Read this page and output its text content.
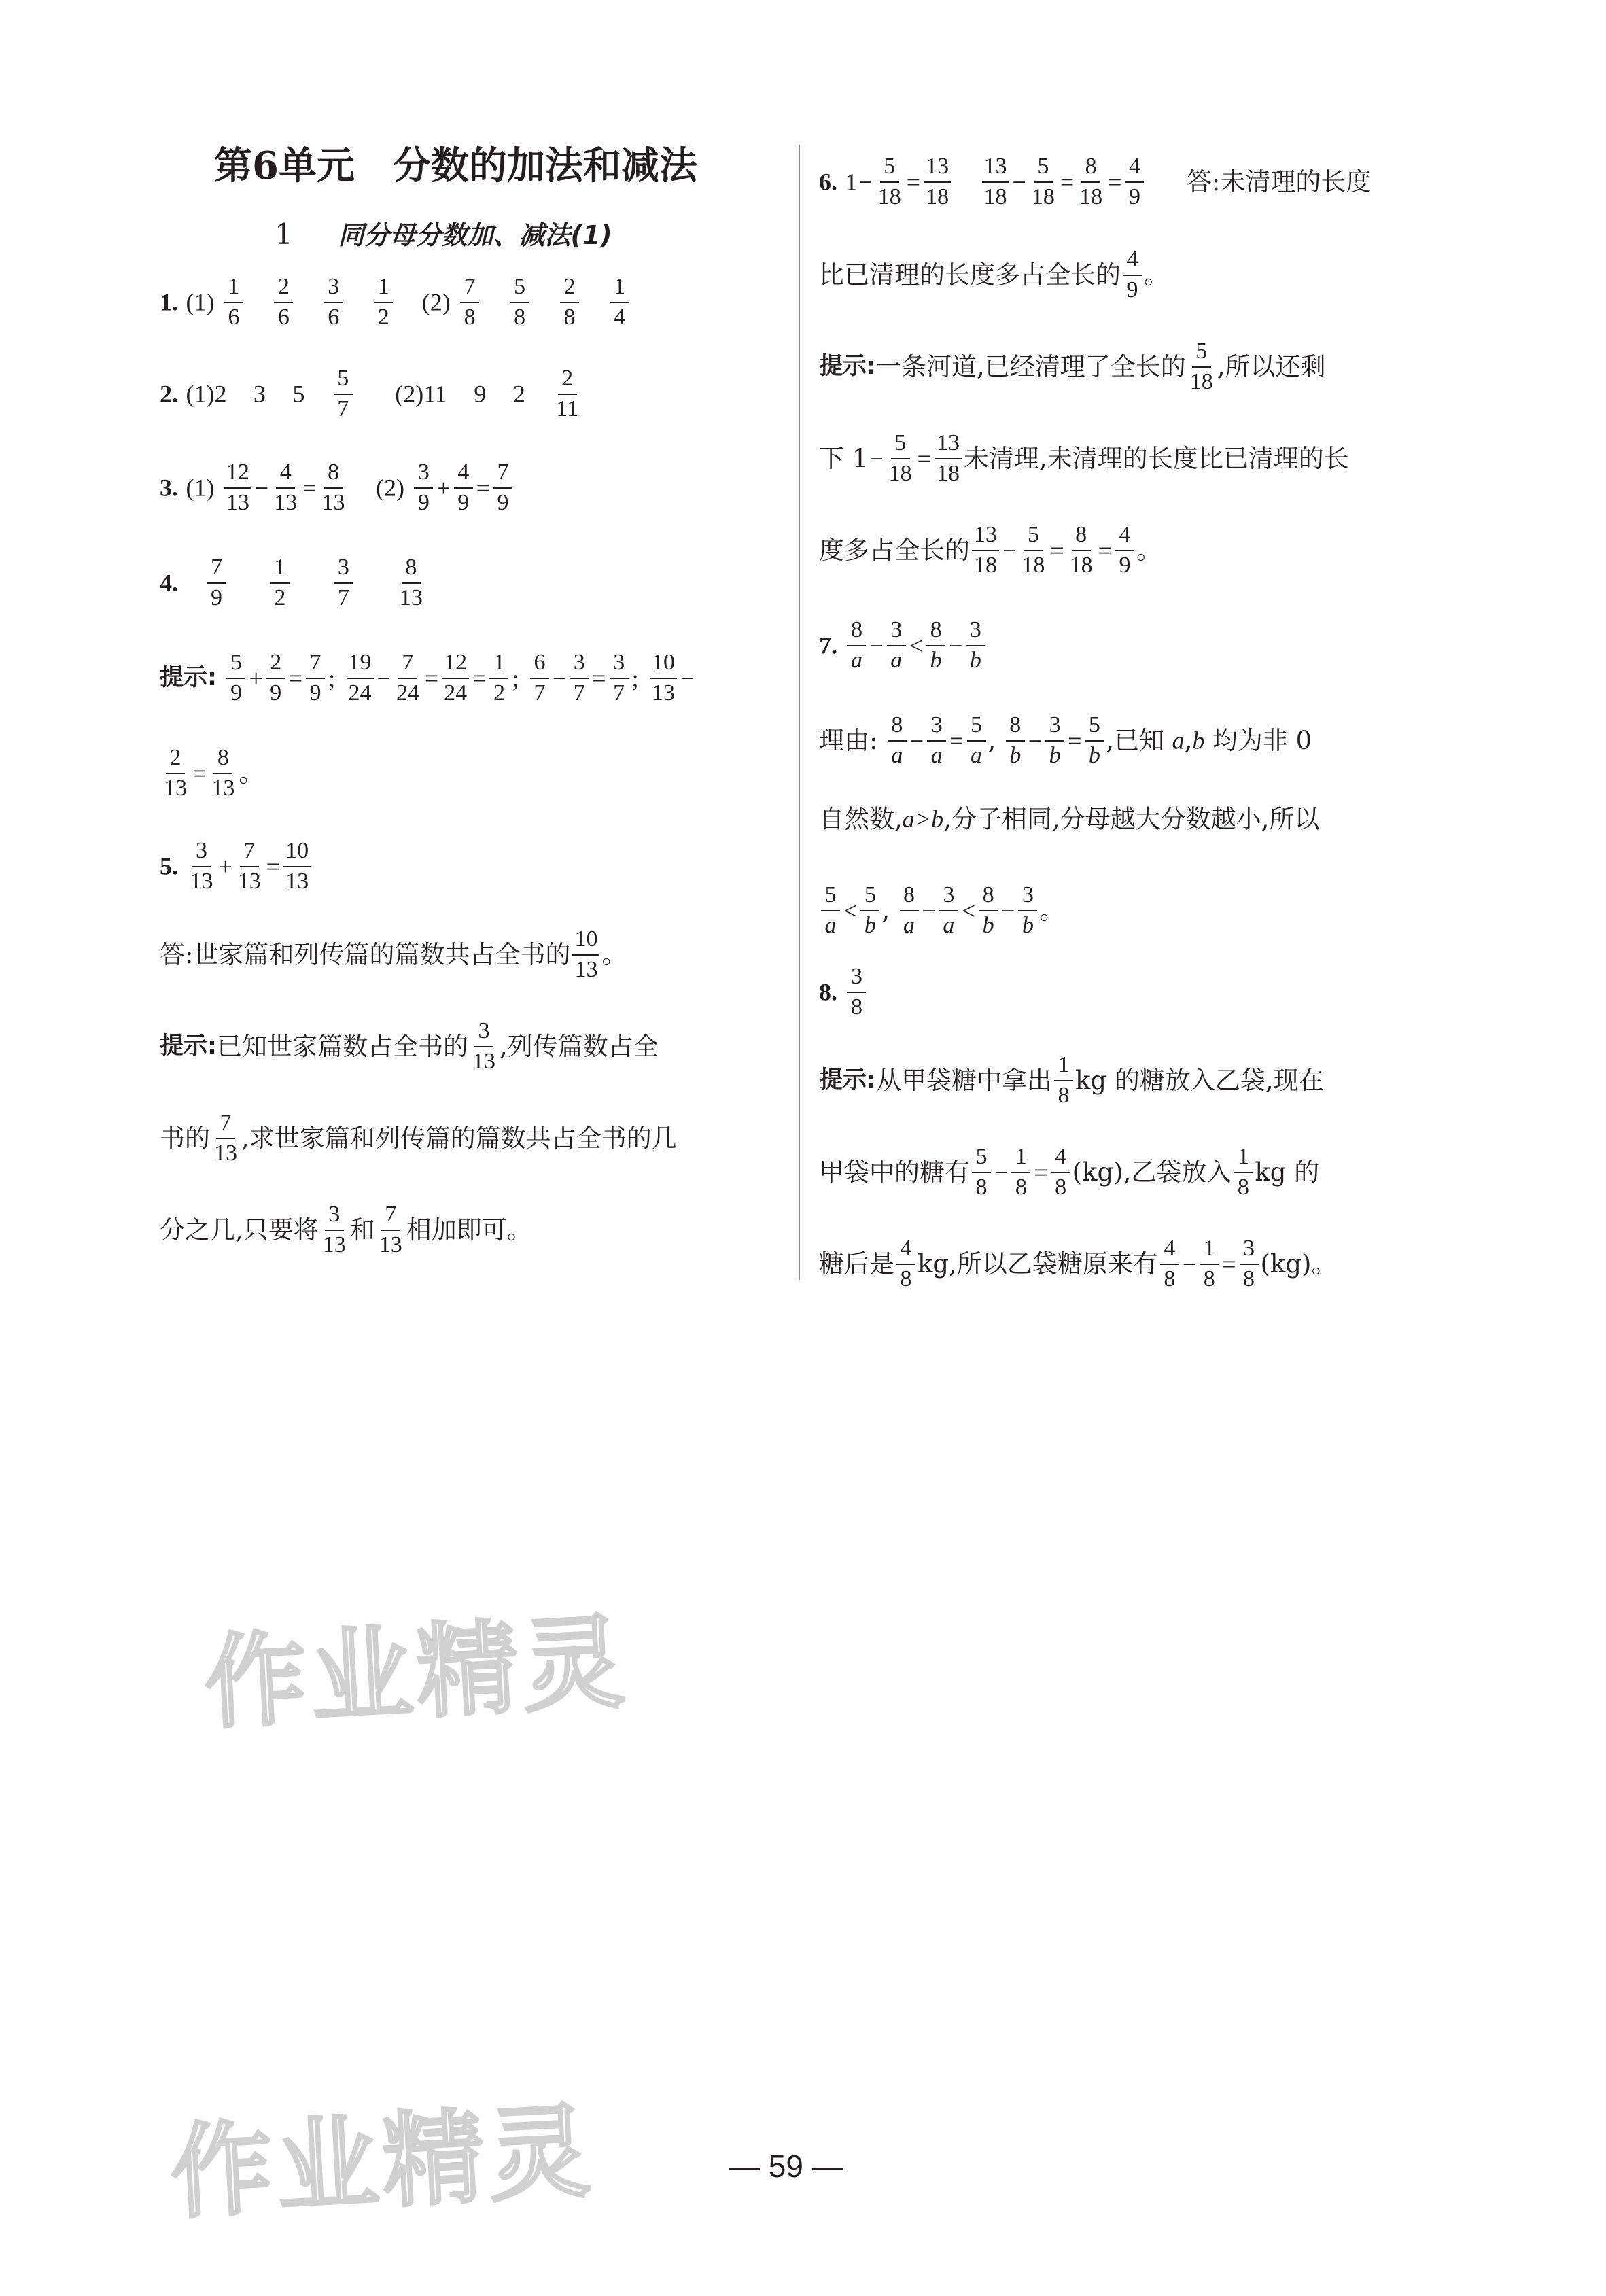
第6单元　分数的加法和减法
1 同分母分数加、减法(1)
1. $(1) \frac{1}{6}$
$\frac{2}{6}$
$\frac{3}{6}$
$\frac{1}{2} (2) \frac{7}{8}$
$\frac{5}{8}$
$\frac{2}{8}$
$\frac{1}{4}$
2. (1)2 3 $5 \frac{5}{7} (2)11$ 9 $2 \frac{2}{11}$
3. $(1) \frac{12}{13} - \frac{4}{13} = \frac{8}{13} (2) \frac{3}{9} + \frac{4}{9} = \frac{7}{9}$
4. $\frac{7}{9}$
$\frac{1}{2}$
$\frac{3}{7}$
$\frac{8}{13}$
提示: $\frac{5}{9} + \frac{2}{9} = \frac{7}{9}$ ; $\frac{19}{24} - \frac{7}{24} = \frac{12}{24} = \frac{1}{2}$ ; $\frac{6}{7} - \frac{3}{7} = \frac{3}{7}$ ; $\frac{10}{13}$ −
$\frac{2}{13} = \frac{8}{13}$ 。
5. $\frac{3}{13} + \frac{7}{13} = \frac{10}{13}$
答:世家篇和列传篇的篇数共占全书的 $\frac{10}{13}$ 。
提示:已知世家篇数占全书的 $\frac{3}{13}$ ,列传篇数占全
书的 $\frac{7}{13}$ ,求世家篇和列传篇的篇数共占全书的几
分之几,只要将 $\frac{3}{13}$ 和 $\frac{7}{13}$ 相加即可。
6. $1- \frac{5}{18} = \frac{13}{18}$
$\frac{13}{18} - \frac{5}{18} = \frac{8}{18} = \frac{4}{9}$ 答:未清理的长度
比已清理的长度多占全长的 $\frac{4}{9}$ 。
提示:一条河道,已经清理了全长的 $\frac{5}{18}$ ,所以还剩
下 $1- \frac{5}{18} = \frac{13}{18}$ 未清理,未清理的长度比已清理的长
度多占全长的 $\frac{13}{18} - \frac{5}{18} = \frac{8}{18} = \frac{4}{9}$ 。
7. $\frac{8}{a} - \frac{3}{a} < \frac{8}{b} - \frac{3}{b}$
理由: $\frac{8}{a} - \frac{3}{a} = \frac{5}{a}$ , $\frac{8}{b} - \frac{3}{b} = \frac{5}{b}$ ,已知 a,b 均为非 0
自然数,a>b,分子相同,分母越大分数越小,所以
$\frac{5}{a} < \frac{5}{b}$ , $\frac{8}{a} - \frac{3}{a} < \frac{8}{b} - \frac{3}{b}$ 。
8. $\frac{3}{8}$
提示:从甲袋糖中拿出 $\frac{1}{8}$ kg 的糖放入乙袋,现在
甲袋中的糖有 $\frac{5}{8} - \frac{1}{8} = \frac{4}{8} (kg)$,乙袋放入 $\frac{1}{8}$ kg 的
糖后是 $\frac{4}{8}$ kg,所以乙袋糖原来有 $\frac{4}{8} - \frac{1}{8} = \frac{3}{8} (kg)$。
作业精灵
作业精灵	— 59 —
